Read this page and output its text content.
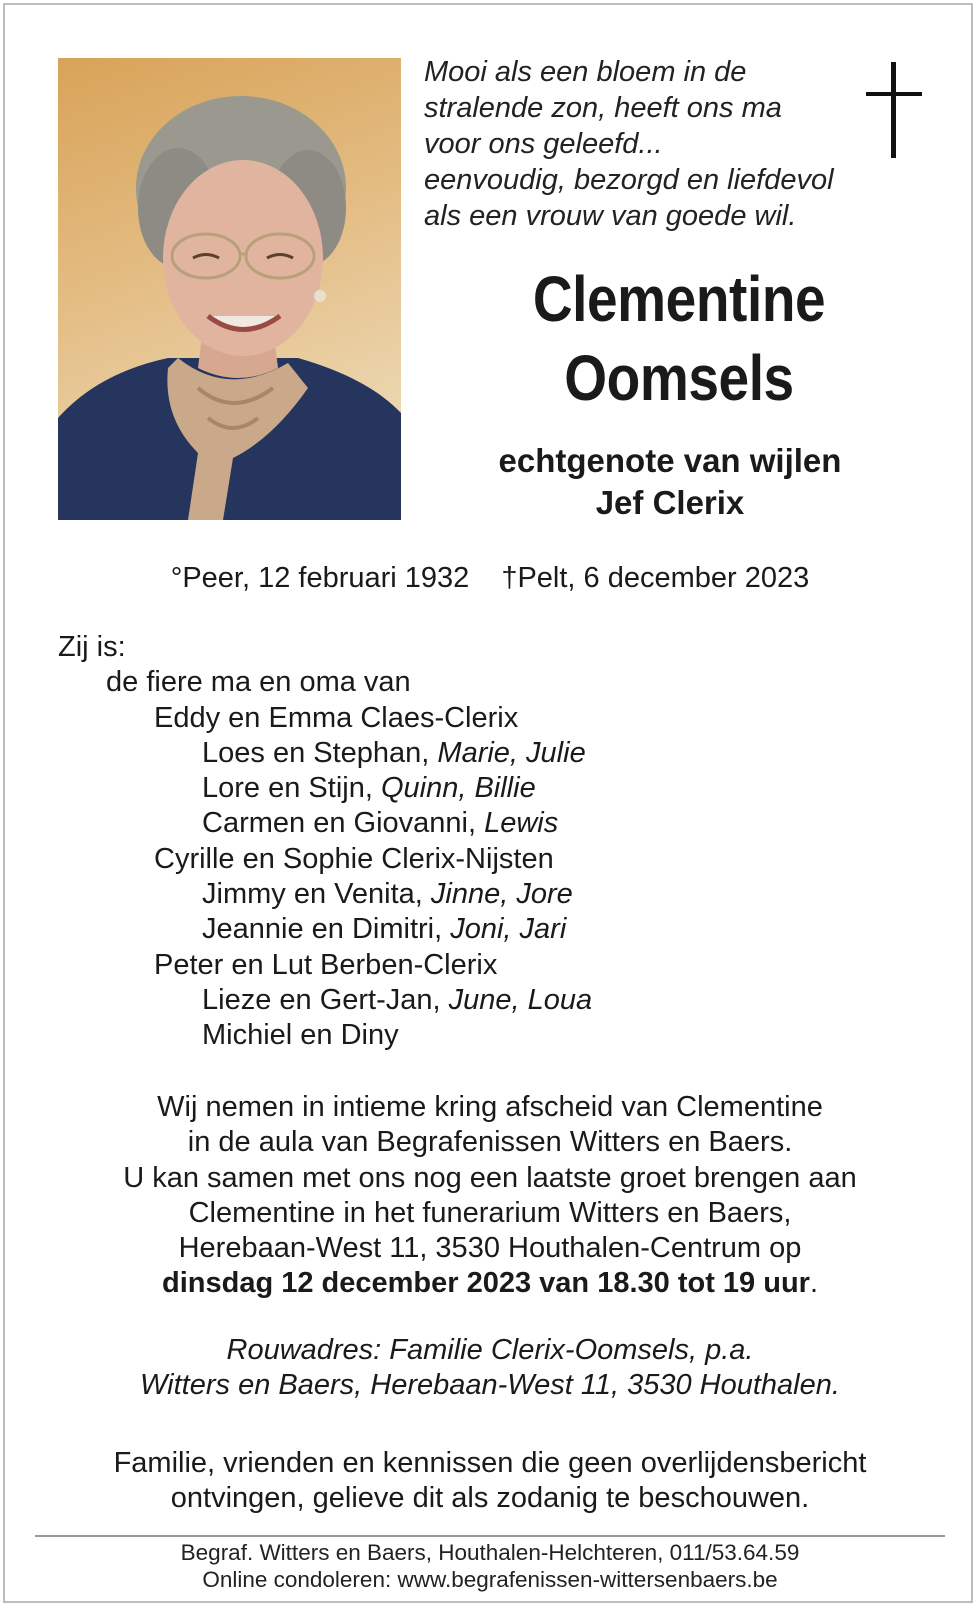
Mooi als een bloem in de
stralende zon, heeft ons ma
voor ons geleefd...
eenvoudig, bezorgd en liefdevol
als een vrouw van goede wil.
Clementine
Oomsels
echtgenote van wijlen
Jef Clerix
°Peer, 12 februari 1932 †Pelt, 6 december 2023
Zij is:
de fiere ma en oma van
Eddy en Emma Claes-Clerix
Loes en Stephan, Marie, Julie
Lore en Stijn, Quinn, Billie
Carmen en Giovanni, Lewis
Cyrille en Sophie Clerix-Nijsten
Jimmy en Venita, Jinne, Jore
Jeannie en Dimitri, Joni, Jari
Peter en Lut Berben-Clerix
Lieze en Gert-Jan, June, Loua
Michiel en Diny
Wij nemen in intieme kring afscheid van Clementine
in de aula van Begrafenissen Witters en Baers.
U kan samen met ons nog een laatste groet brengen aan
Clementine in het funerarium Witters en Baers,
Herebaan-West 11, 3530 Houthalen-Centrum op
dinsdag 12 december 2023 van 18.30 tot 19 uur.
Rouwadres: Familie Clerix-Oomsels, p.a.
Witters en Baers, Herebaan-West 11, 3530 Houthalen.
Familie, vrienden en kennissen die geen overlijdensbericht
ontvingen, gelieve dit als zodanig te beschouwen.
Begraf. Witters en Baers, Houthalen-Helchteren, 011/53.64.59
Online condoleren: www.begrafenissen-wittersenbaers.be
